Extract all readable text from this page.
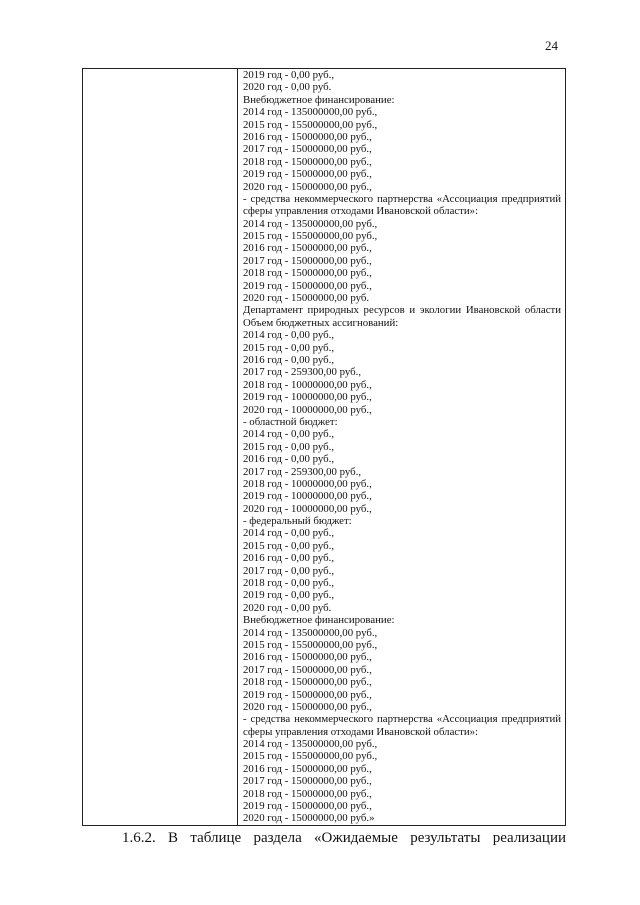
24
2019 год - 0,00 руб.,
2020 год - 0,00 руб.
Внебюджетное финансирование:
2014 год - 135000000,00 руб.,
2015 год - 155000000,00 руб.,
2016 год - 15000000,00 руб.,
2017 год - 15000000,00 руб.,
2018 год - 15000000,00 руб.,
2019 год - 15000000,00 руб.,
2020 год - 15000000,00 руб.,
- средства некоммерческого партнерства «Ассоциация предприятий
сферы управления отходами Ивановской области»:
2014 год - 135000000,00 руб.,
2015 год - 155000000,00 руб.,
2016 год - 15000000,00 руб.,
2017 год - 15000000,00 руб.,
2018 год - 15000000,00 руб.,
2019 год - 15000000,00 руб.,
2020 год - 15000000,00 руб.
Департамент природных ресурсов и экологии Ивановской области
Объем бюджетных ассигнований:
2014 год - 0,00 руб.,
2015 год - 0,00 руб.,
2016 год - 0,00 руб.,
2017 год - 259300,00 руб.,
2018 год - 10000000,00 руб.,
2019 год - 10000000,00 руб.,
2020 год - 10000000,00 руб.,
- областной бюджет:
2014 год - 0,00 руб.,
2015 год - 0,00 руб.,
2016 год - 0,00 руб.,
2017 год - 259300,00 руб.,
2018 год - 10000000,00 руб.,
2019 год - 10000000,00 руб.,
2020 год - 10000000,00 руб.,
- федеральный бюджет:
2014 год - 0,00 руб.,
2015 год - 0,00 руб.,
2016 год - 0,00 руб.,
2017 год - 0,00 руб.,
2018 год - 0,00 руб.,
2019 год - 0,00 руб.,
2020 год - 0,00 руб.
Внебюджетное финансирование:
2014 год - 135000000,00 руб.,
2015 год - 155000000,00 руб.,
2016 год - 15000000,00 руб.,
2017 год - 15000000,00 руб.,
2018 год - 15000000,00 руб.,
2019 год - 15000000,00 руб.,
2020 год - 15000000,00 руб.,
- средства некоммерческого партнерства «Ассоциация предприятий
сферы управления отходами Ивановской области»:
2014 год - 135000000,00 руб.,
2015 год - 155000000,00 руб.,
2016 год - 15000000,00 руб.,
2017 год - 15000000,00 руб.,
2018 год - 15000000,00 руб.,
2019 год - 15000000,00 руб.,
2020 год - 15000000,00 руб.»
1.6.2. В таблице раздела «Ожидаемые результаты реализации
